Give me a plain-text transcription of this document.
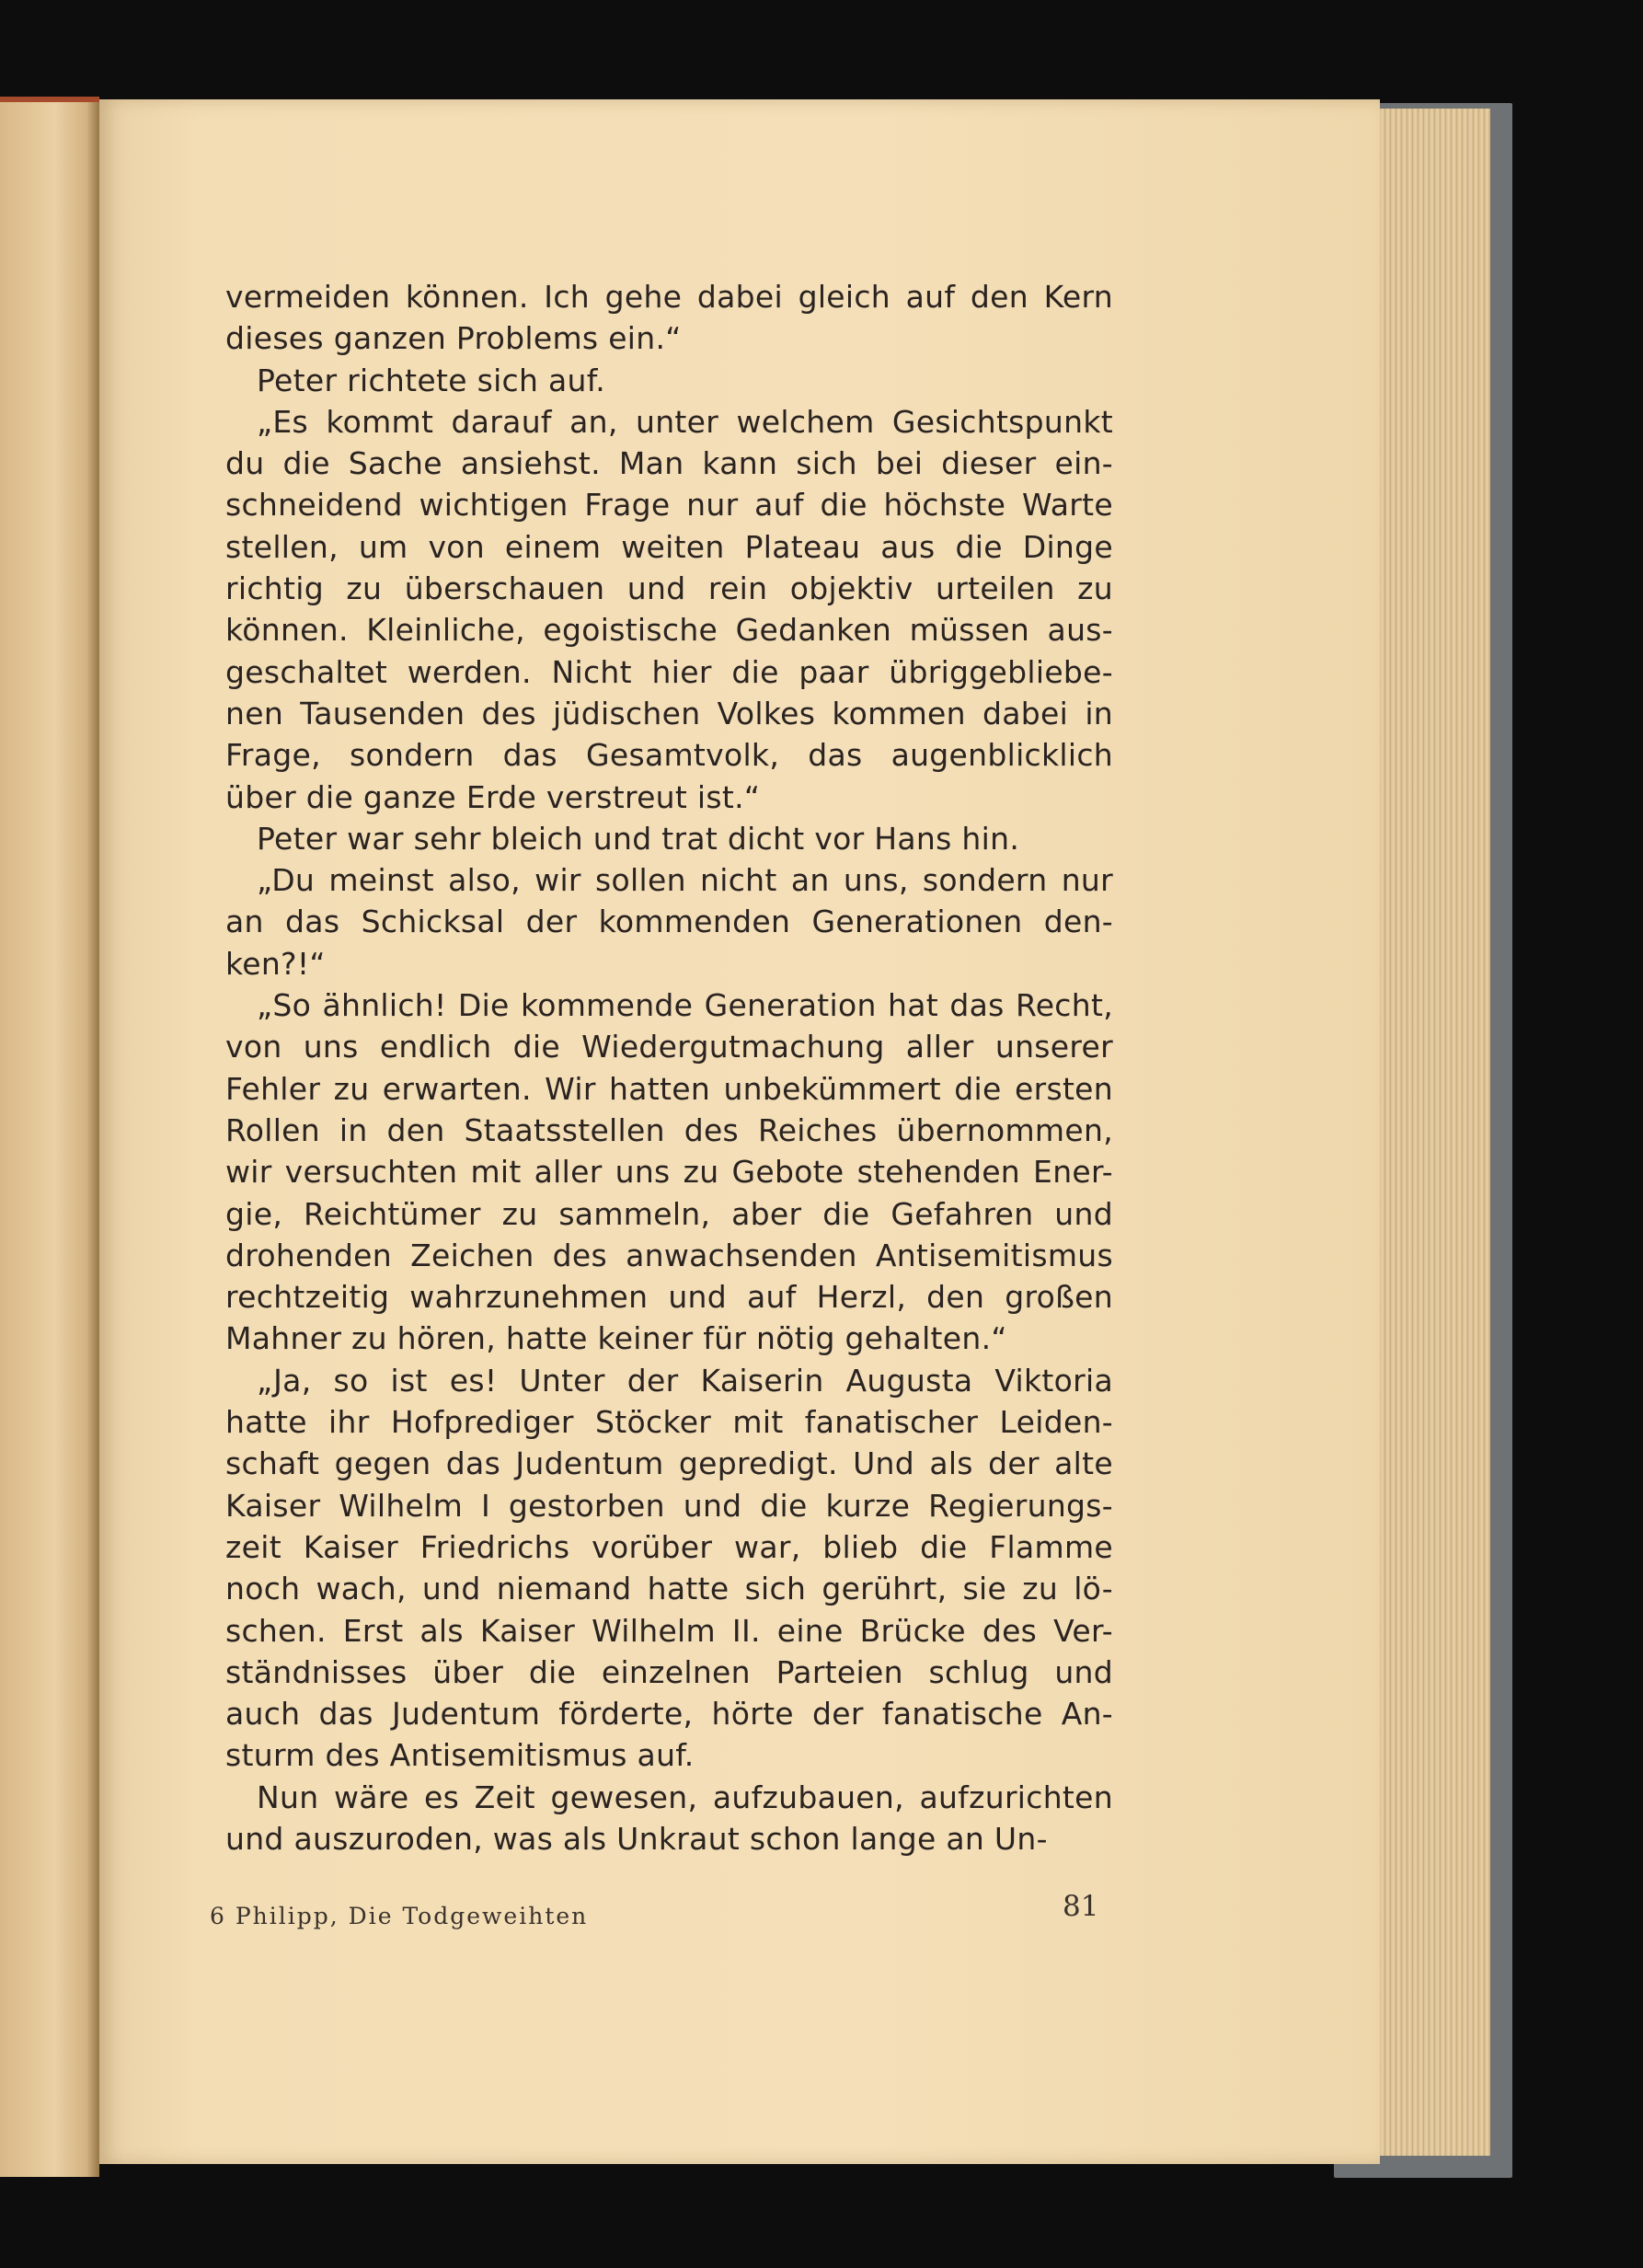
vermeiden können. Ich gehe dabei gleich auf den Kern
dieses ganzen Problems ein.“
Peter richtete sich auf.
„Es kommt darauf an, unter welchem Gesichtspunkt
du die Sache ansiehst. Man kann sich bei dieser ein-
schneidend wichtigen Frage nur auf die höchste Warte
stellen, um von einem weiten Plateau aus die Dinge
richtig zu überschauen und rein objektiv urteilen zu
können. Kleinliche, egoistische Gedanken müssen aus-
geschaltet werden. Nicht hier die paar übriggebliebe-
nen Tausenden des jüdischen Volkes kommen dabei in
Frage, sondern das Gesamtvolk, das augenblicklich
über die ganze Erde verstreut ist.“
Peter war sehr bleich und trat dicht vor Hans hin.
„Du meinst also, wir sollen nicht an uns, sondern nur
an das Schicksal der kommenden Generationen den-
ken?!“
„So ähnlich! Die kommende Generation hat das Recht,
von uns endlich die Wiedergutmachung aller unserer
Fehler zu erwarten. Wir hatten unbekümmert die ersten
Rollen in den Staatsstellen des Reiches übernommen,
wir versuchten mit aller uns zu Gebote stehenden Ener-
gie, Reichtümer zu sammeln, aber die Gefahren und
drohenden Zeichen des anwachsenden Antisemitismus
rechtzeitig wahrzunehmen und auf Herzl, den großen
Mahner zu hören, hatte keiner für nötig gehalten.“
„Ja, so ist es! Unter der Kaiserin Augusta Viktoria
hatte ihr Hofprediger Stöcker mit fanatischer Leiden-
schaft gegen das Judentum gepredigt. Und als der alte
Kaiser Wilhelm I gestorben und die kurze Regierungs-
zeit Kaiser Friedrichs vorüber war, blieb die Flamme
noch wach, und niemand hatte sich gerührt, sie zu lö-
schen. Erst als Kaiser Wilhelm II. eine Brücke des Ver-
ständnisses über die einzelnen Parteien schlug und
auch das Judentum förderte, hörte der fanatische An-
sturm des Antisemitismus auf.
Nun wäre es Zeit gewesen, aufzubauen, aufzurichten
und auszuroden, was als Unkraut schon lange an Un-
6 Philipp, Die Todgeweihten	81
